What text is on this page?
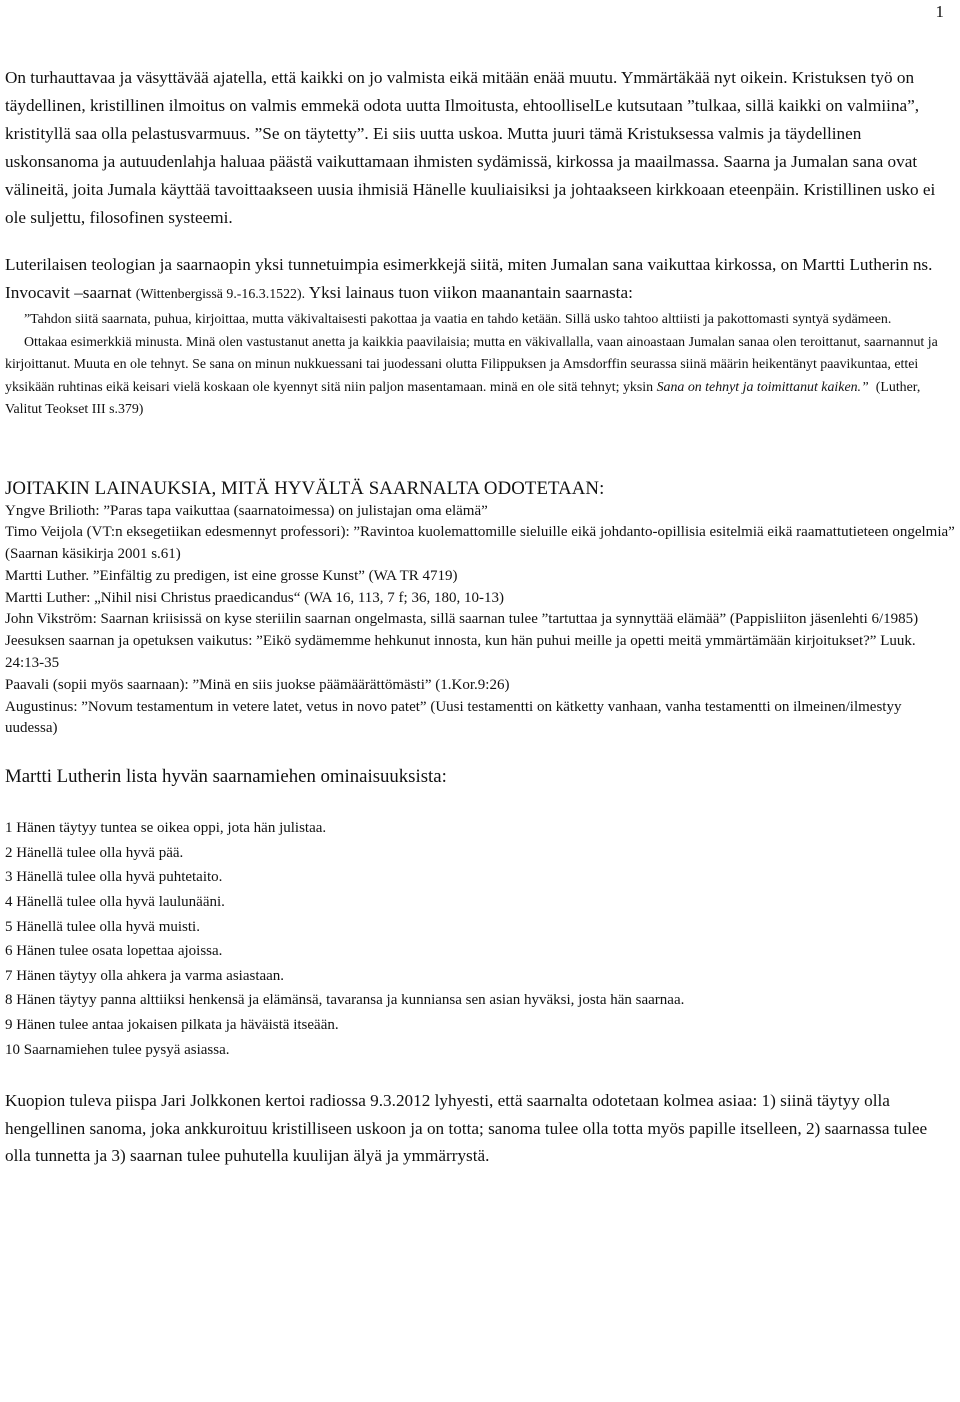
1

On turhauttavaa ja väsyttävää ajatella, että kaikki on jo valmista eikä mitään enää muutu. Ymmärtäkää nyt oikein. Kristuksen työ on täydellinen, kristillinen ilmoitus on valmis emmekä odota uutta Ilmoitusta, ehtoolliselLe kutsutaan ”tulkaa, sillä kaikki on valmiina”, kristityllä saa olla pelastusvarmuus. ”Se on täytetty”. Ei siis uutta uskoa. Mutta juuri tämä Kristuksessa valmis ja täydellinen uskonsanoma ja autuudenlahja haluaa päästä vaikuttamaan ihmisten sydämissä, kirkossa ja maailmassa. Saarna ja Jumalan sana ovat välineitä, joita Jumala käyttää tavoittaakseen uusia ihmisiä Hänelle kuuliaisiksi ja johtaakseen kirkkoaan eteenpäin. Kristillinen usko ei ole suljettu, filosofinen systeemi.

Luterilaisen teologian ja saarnaopin yksi tunnetuimpia esimerkkejä siitä, miten Jumalan sana vaikuttaa kirkossa, on Martti Lutherin ns. Invocavit –saarnat (Wittenbergissä 9.-16.3.1522). Yksi lainaus tuon viikon maanantain saarnasta:

”Tahdon siitä saarnata, puhua, kirjoittaa, mutta väkivaltaisesti pakottaa ja vaatia en tahdo ketään. Sillä usko tahtoo alttiisti ja pakottomasti syntyä sydämeen.
Ottakaa esimerkkiä minusta. Minä olen vastustanut anetta ja kaikkia paavilaisia; mutta en väkivallalla, vaan ainoastaan Jumalan sanaa olen teroittanut, saarnannut ja kirjoittanut. Muuta en ole tehnyt. Se sana on minun nukkuessani tai juodessani olutta Filippuksen ja Amsdorffin seurassa siinä määrin heikentänyt paavikuntaa, ettei yksikään ruhtinas eikä keisari vielä koskaan ole kyennyt sitä niin paljon masentamaan. minä en ole sitä tehnyt; yksin Sana on tehnyt ja toimittanut kaiken.” (Luther, Valitut Teokset III s.379)
JOITAKIN LAINAUKSIA, MITÄ HYVÄLTÄ SAARNALTA ODOTETAAN:
Yngve Brilioth: ”Paras tapa vaikuttaa (saarnatoimessa) on julistajan oma elämä”
Timo Veijola (VT:n eksegetiikan edesmennyt professori): ”Ravintoa kuolemattomille sieluille eikä johdanto-opillisia esitelmiä eikä raamattutieteen ongelmia” (Saarnan käsikirja 2001 s.61)
Martti Luther. ”Einfältig zu predigen, ist eine grosse Kunst” (WA TR 4719)
Martti Luther: „Nihil nisi Christus praedicandus“ (WA 16, 113, 7 f; 36, 180, 10-13)
John Vikström: Saarnan kriisissä on kyse steriilin saarnan ongelmasta, sillä saarnan tulee ”tartuttaa ja synnyttää elämää” (Pappisliiton jäsenlehti 6/1985)
Jeesuksen saarnan ja opetuksen vaikutus: ”Eikö sydämemme hehkunut innosta, kun hän puhui meille ja opetti meitä ymmärtämään kirjoitukset?” Luuk. 24:13-35
Paavali (sopii myös saarnaan): ”Minä en siis juokse päämäärättömästi” (1.Kor.9:26)
Augustinus: ”Novum testamentum in vetere latet, vetus in novo patet” (Uusi testamentti on kätketty vanhaan, vanha testamentti on ilmeinen/ilmestyy uudessa)
Martti Lutherin lista hyvän saarnamiehen ominaisuuksista:
1 Hänen täytyy tuntea se oikea oppi, jota hän julistaa.
2 Hänellä tulee olla hyvä pää.
3 Hänellä tulee olla hyvä puhtetaito.
4 Hänellä tulee olla hyvä laulunääni.
5 Hänellä tulee olla hyvä muisti.
6 Hänen tulee osata lopettaa ajoissa.
7 Hänen täytyy olla ahkera ja varma asiastaan.
8 Hänen täytyy panna alttiiksi henkensä ja elämänsä, tavaransa ja kunniansa sen asian hyväksi, josta hän saarnaa.
9 Hänen tulee antaa jokaisen pilkata ja häväistä itseään.
10 Saarnamiehen tulee pysyä asiassa.

Kuopion tuleva piispa Jari Jolkkonen kertoi radiossa 9.3.2012 lyhyesti, että saarnalta odotetaan kolmea asiaa: 1) siinä täytyy olla hengellinen sanoma, joka ankkuroituu kristilliseen uskoon ja on totta; sanoma tulee olla totta myös papille itselleen, 2) saarnassa tulee olla tunnetta ja 3) saarnan tulee puhutella kuulijan älyä ja ymmärrystä.
